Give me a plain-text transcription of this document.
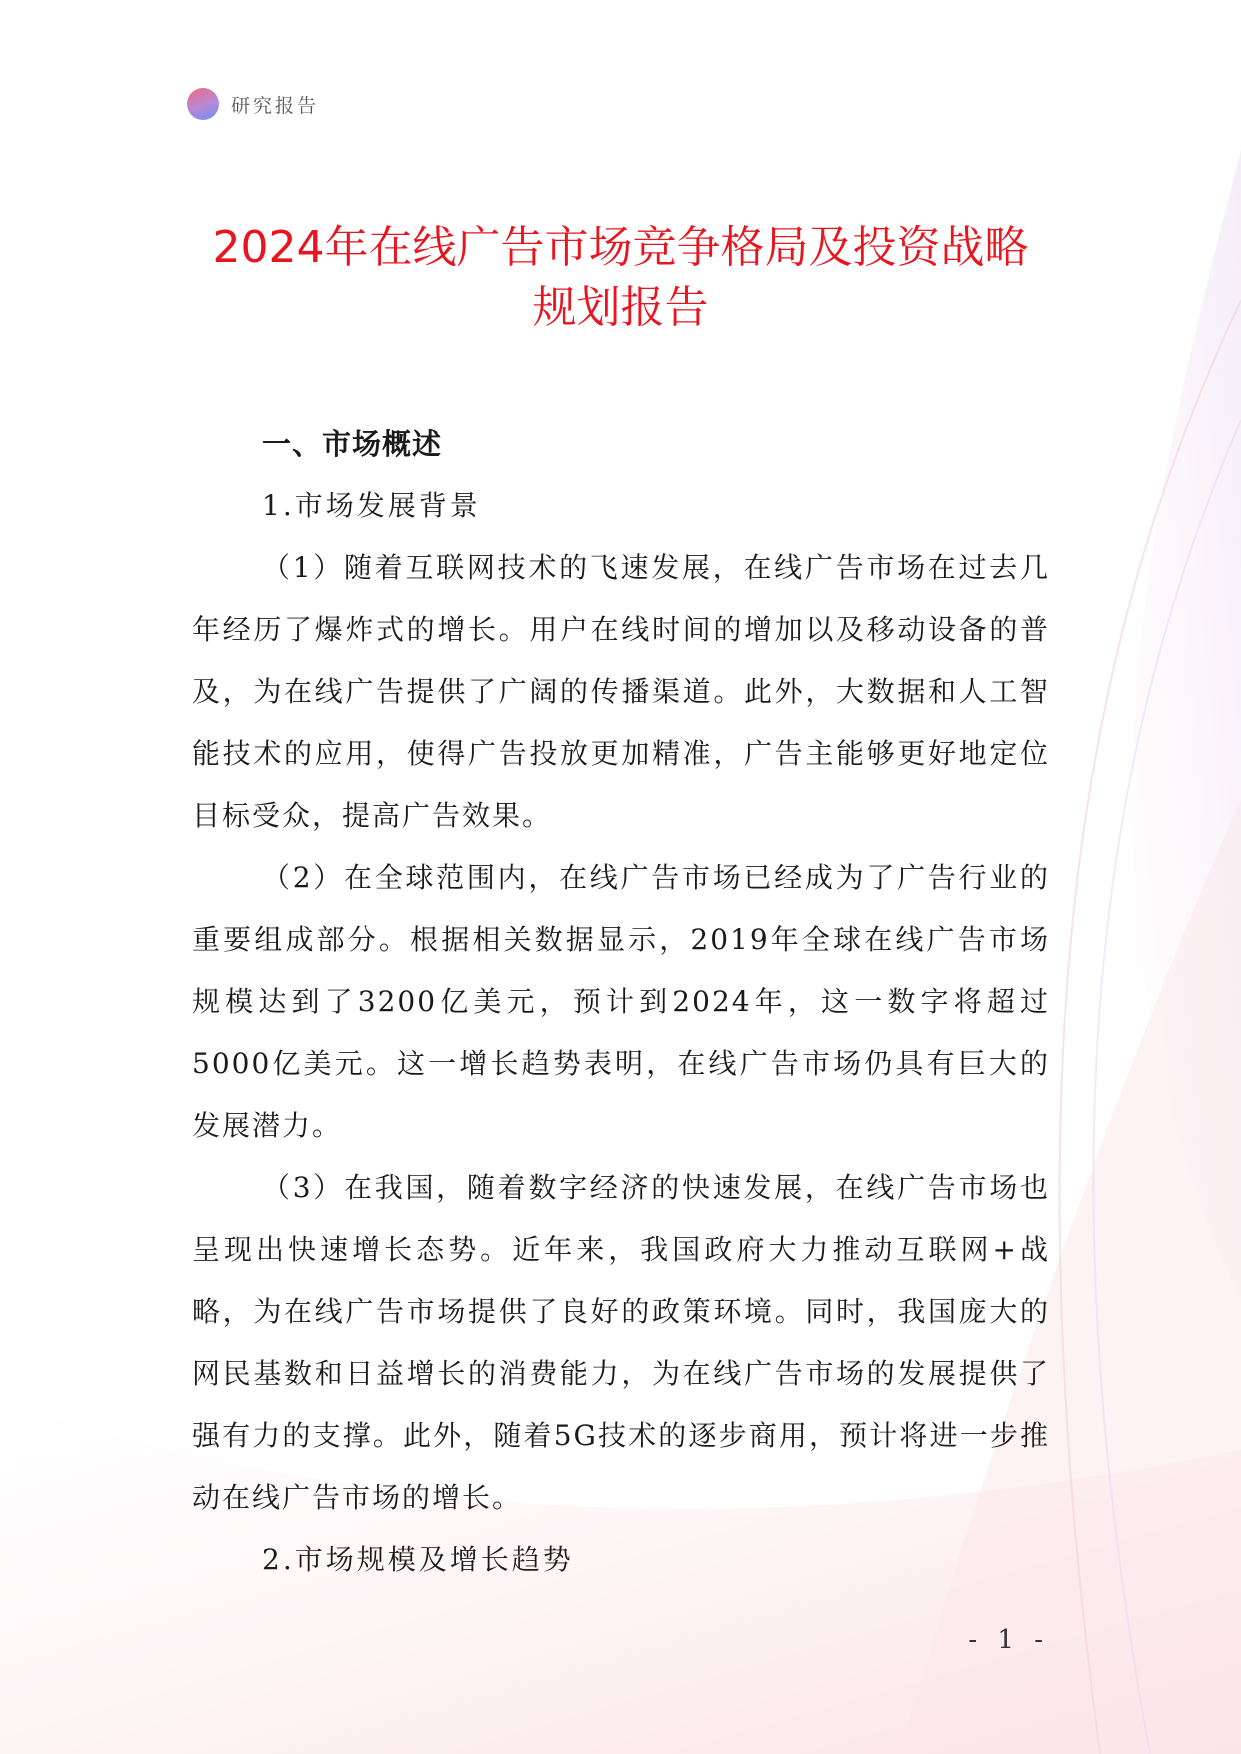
研究报告
2024年在线广告市场竞争格局及投资战略
规划报告

一、市场概述

1.市场发展背景

（1）随着互联网技术的飞速发展，在线广告市场在过去几年经历了爆炸式的增长。用户在线时间的增加以及移动设备的普及，为在线广告提供了广阔的传播渠道。此外，大数据和人工智能技术的应用，使得广告投放更加精准，广告主能够更好地定位目标受众，提高广告效果。

（2）在全球范围内，在线广告市场已经成为了广告行业的重要组成部分。根据相关数据显示，2019年全球在线广告市场规模达到了3200亿美元，预计到2024年，这一数字将超过5000亿美元。这一增长趋势表明，在线广告市场仍具有巨大的发展潜力。

（3）在我国，随着数字经济的快速发展，在线广告市场也呈现出快速增长态势。近年来，我国政府大力推动互联网+战略，为在线广告市场提供了良好的政策环境。同时，我国庞大的网民基数和日益增长的消费能力，为在线广告市场的发展提供了强有力的支撑。此外，随着5G技术的逐步商用，预计将进一步推动在线广告市场的增长。

2.市场规模及增长趋势

- 1 -
